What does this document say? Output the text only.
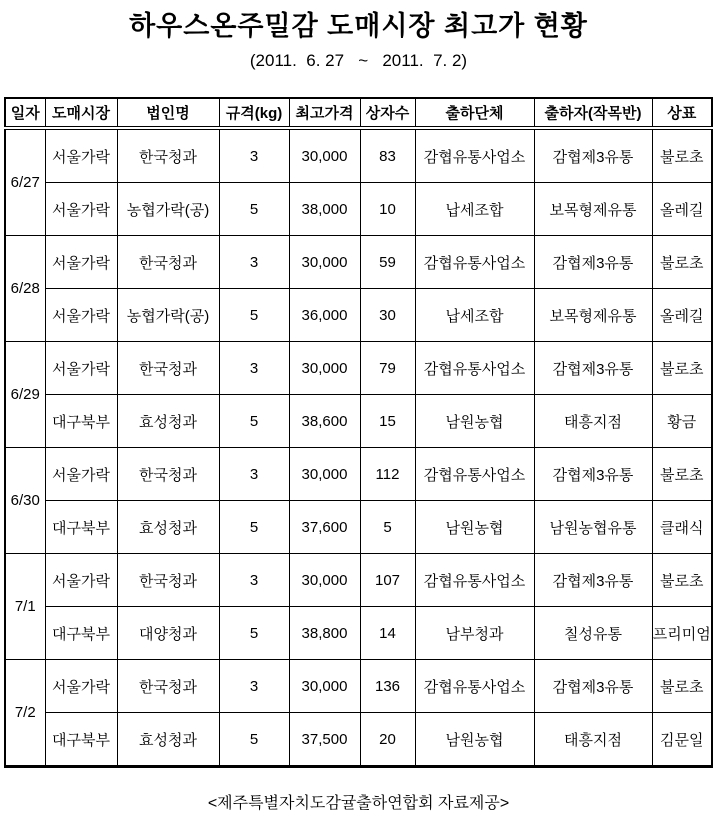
하우스온주밀감 도매시장 최고가 현황
(2011.  6. 27   ~   2011.  7. 2)
일자	도매시장	법인명	규격(kg)	최고가격	상자수	출하단체	출하자(작목반)	상표
6/27	서울가락	한국청과	3	30,000	83	감협유통사업소	감협제3유통	불로초
	서울가락	농협가락(공)	5	38,000	10	납세조합	보목형제유통	올레길
6/28	서울가락	한국청과	3	30,000	59	감협유통사업소	감협제3유통	불로초
	서울가락	농협가락(공)	5	36,000	30	납세조합	보목형제유통	올레길
6/29	서울가락	한국청과	3	30,000	79	감협유통사업소	감협제3유통	불로초
	대구북부	효성청과	5	38,600	15	남원농협	태흥지점	황금
6/30	서울가락	한국청과	3	30,000	112	감협유통사업소	감협제3유통	불로초
	대구북부	효성청과	5	37,600	5	남원농협	남원농협유통	클래식
7/1	서울가락	한국청과	3	30,000	107	감협유통사업소	감협제3유통	불로초
	대구북부	대양청과	5	38,800	14	남부청과	칠성유통	프리미엄
7/2	서울가락	한국청과	3	30,000	136	감협유통사업소	감협제3유통	불로초
	대구북부	효성청과	5	37,500	20	남원농협	태흥지점	김문일
<제주특별자치도감귤출하연합회 자료제공>
